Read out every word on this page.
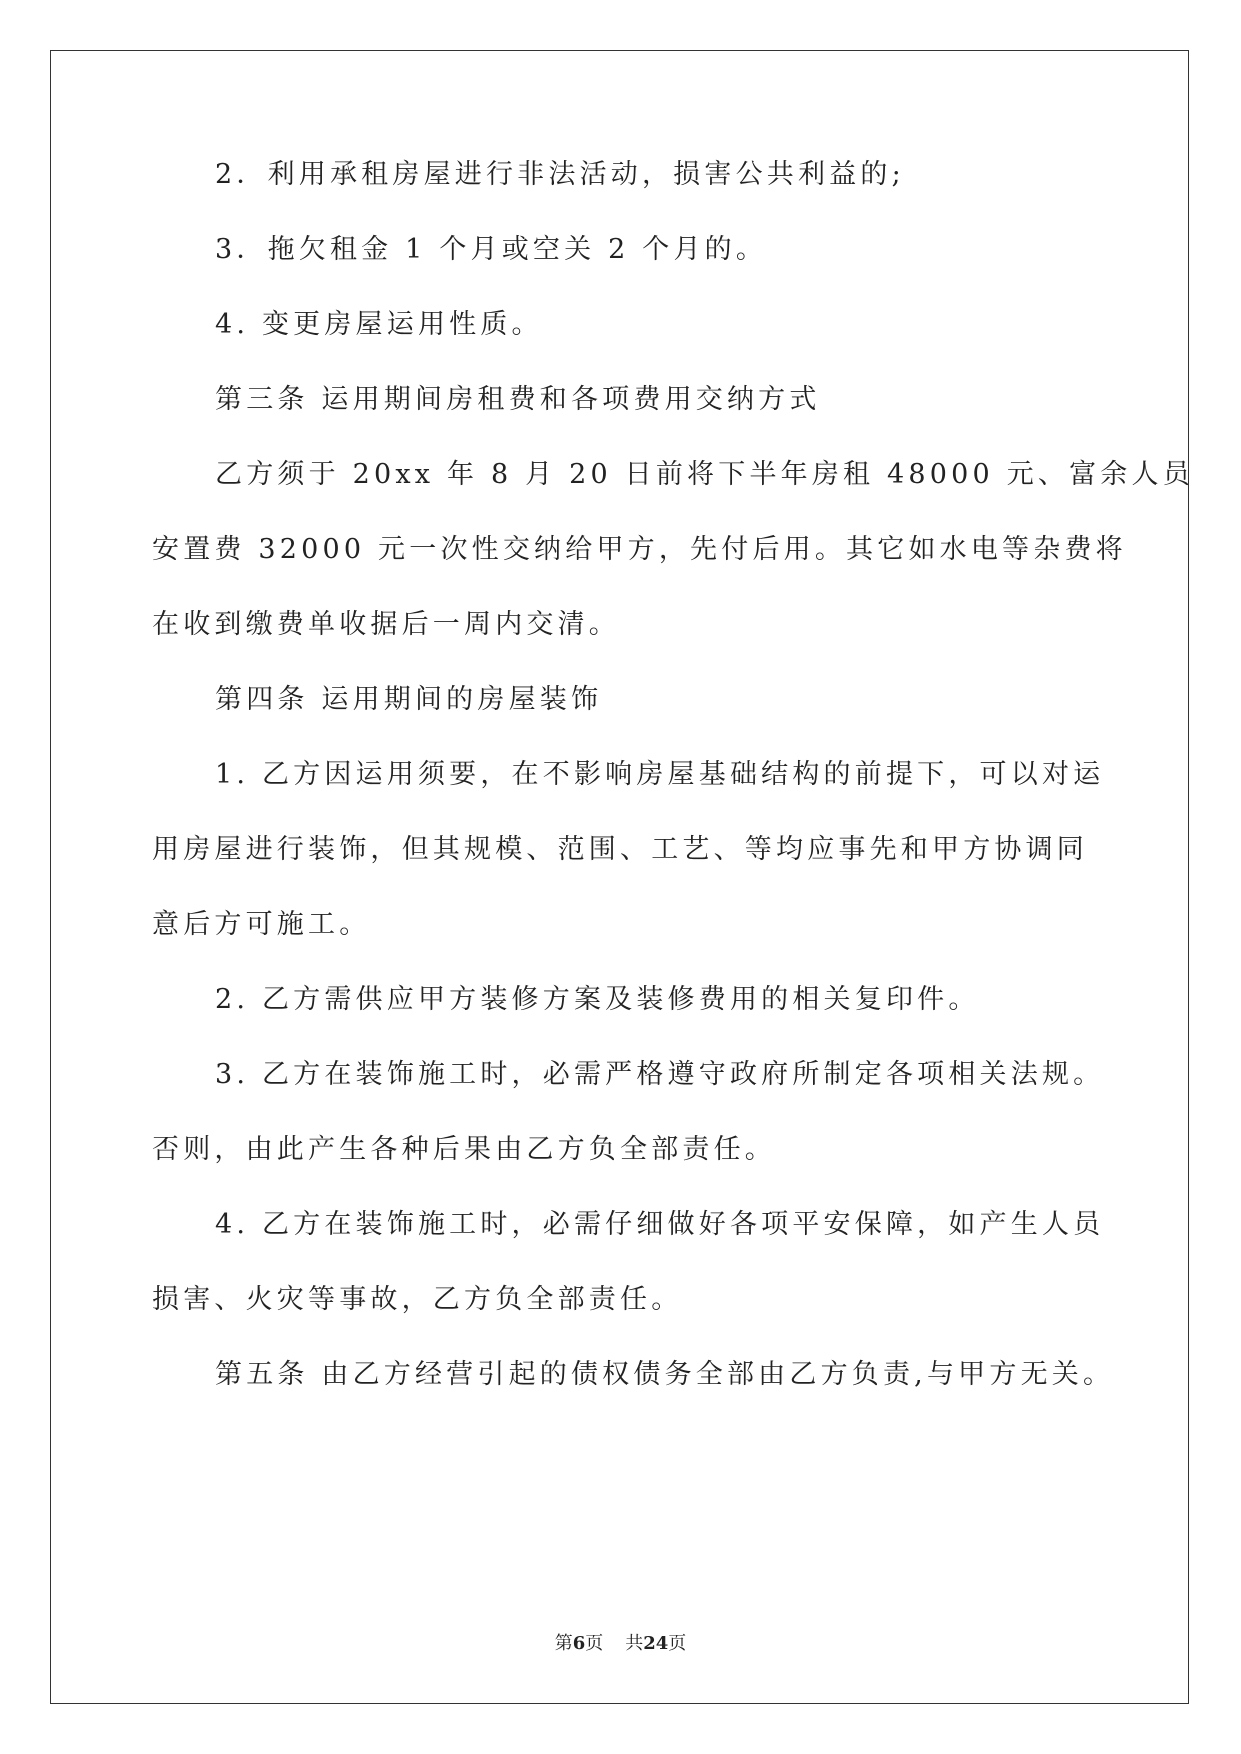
2．利用承租房屋进行非法活动，损害公共利益的;
3．拖欠租金 1 个月或空关 2 个月的。
4. 变更房屋运用性质。
第三条 运用期间房租费和各项费用交纳方式
乙方须于 20xx 年 8 月 20 日前将下半年房租 48000 元、富余人员
安置费 32000 元一次性交纳给甲方，先付后用。其它如水电等杂费将
在收到缴费单收据后一周内交清。
第四条 运用期间的房屋装饰
1. 乙方因运用须要，在不影响房屋基础结构的前提下，可以对运
用房屋进行装饰，但其规模、范围、工艺、等均应事先和甲方协调同
意后方可施工。
2. 乙方需供应甲方装修方案及装修费用的相关复印件。
3. 乙方在装饰施工时，必需严格遵守政府所制定各项相关法规。
否则，由此产生各种后果由乙方负全部责任。
4. 乙方在装饰施工时，必需仔细做好各项平安保障，如产生人员
损害、火灾等事故，乙方负全部责任。
第五条 由乙方经营引起的债权债务全部由乙方负责,与甲方无关。
第6页 共24页
